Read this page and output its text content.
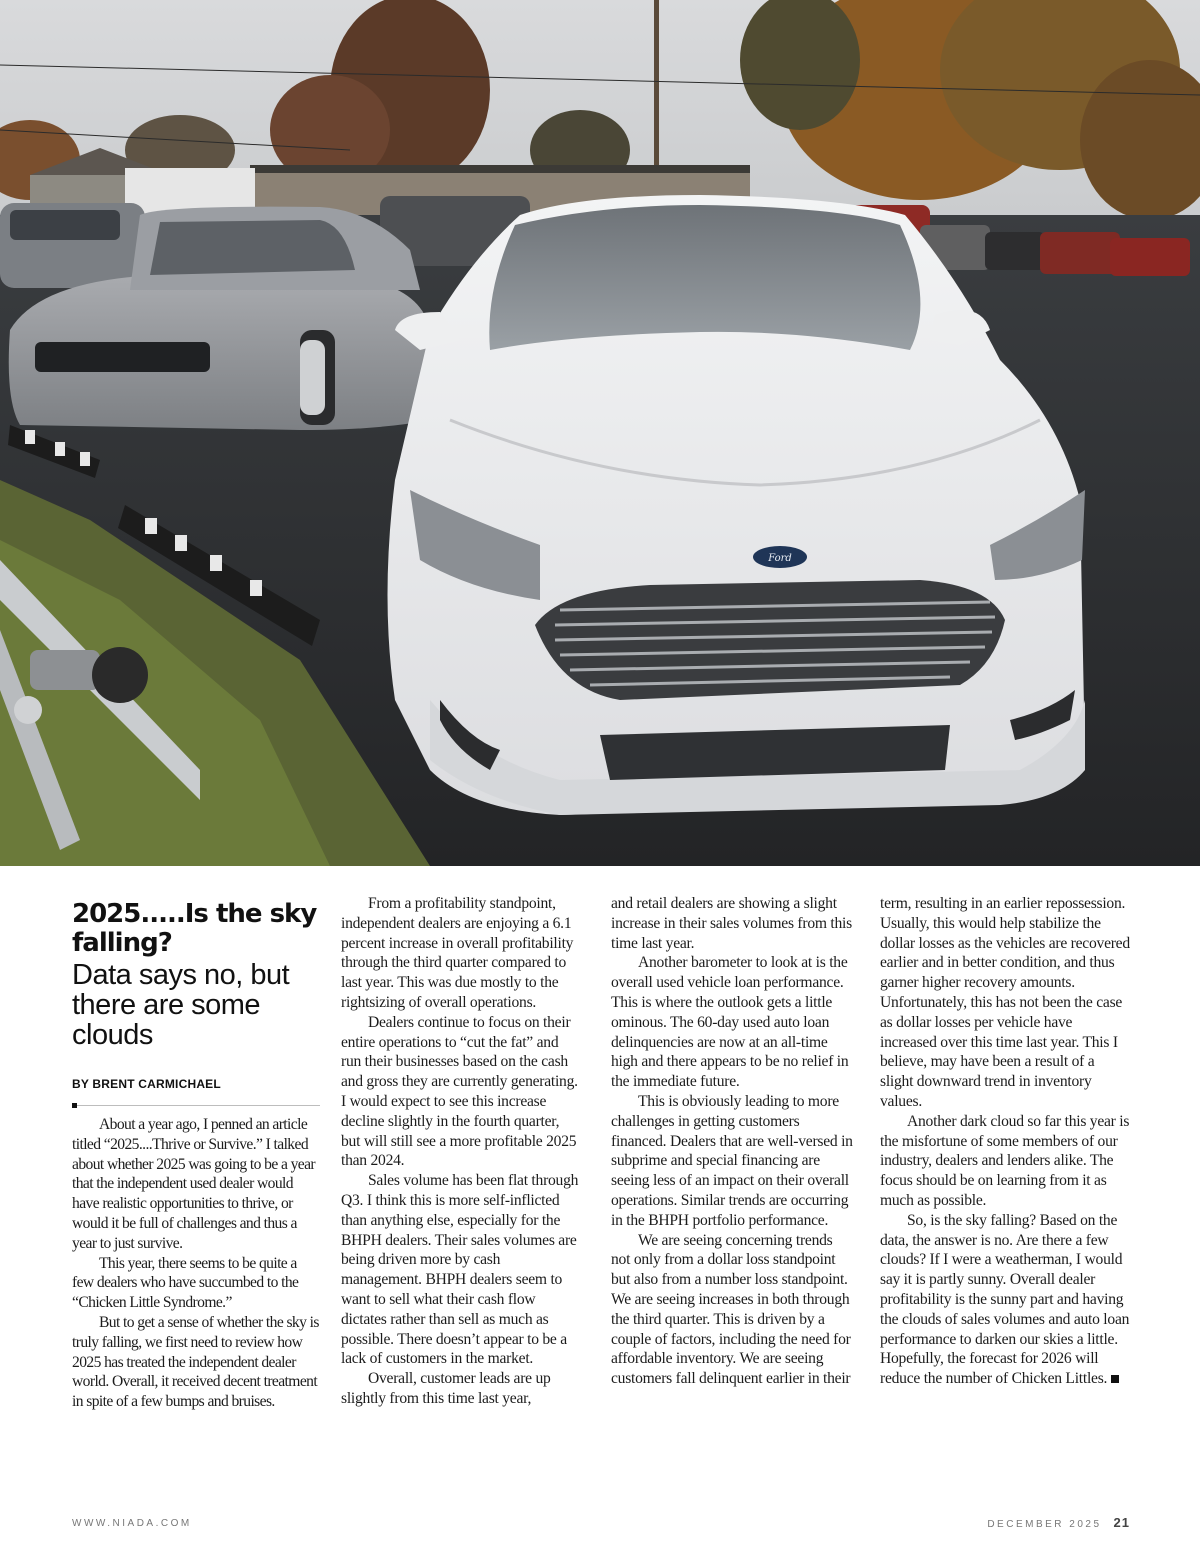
Ford
2025.....Is the sky falling?
Data says no, but there are some clouds
BY BRENT CARMICHAEL

About a year ago, I penned an article titled “2025....Thrive or Survive.” I talked about whether 2025 was going to be a year that the independent used dealer would have realistic opportunities to thrive, or would it be full of challenges and thus a year to just survive.

This year, there seems to be quite a few dealers who have succumbed to the “Chicken Little Syndrome.”

But to get a sense of whether the sky is truly falling, we first need to review how 2025 has treated the independent dealer world. Overall, it received decent treatment in spite of a few bumps and bruises.

From a profitability standpoint, independent dealers are enjoying a 6.1 percent increase in overall profitability through the third quarter compared to last year. This was due mostly to the rightsizing of overall operations.

Dealers continue to focus on their entire operations to “cut the fat” and run their businesses based on the cash and gross they are currently generating. I would expect to see this increase decline slightly in the fourth quarter, but will still see a more profitable 2025 than 2024.

Sales volume has been flat through Q3. I think this is more self-inflicted than anything else, especially for the BHPH dealers. Their sales volumes are being driven more by cash management. BHPH dealers seem to want to sell what their cash flow dictates rather than sell as much as possible. There doesn’t appear to be a lack of customers in the market.

Overall, customer leads are up slightly from this time last year,

and retail dealers are showing a slight increase in their sales volumes from this time last year.

Another barometer to look at is the overall used vehicle loan performance. This is where the outlook gets a little ominous. The 60-day used auto loan delinquencies are now at an all-time high and there appears to be no relief in the immediate future.

This is obviously leading to more challenges in getting customers financed. Dealers that are well-versed in subprime and special financing are seeing less of an impact on their overall operations. Similar trends are occurring in the BHPH portfolio performance.

We are seeing concerning trends not only from a dollar loss standpoint but also from a number loss standpoint. We are seeing increases in both through the third quarter. This is driven by a couple of factors, including the need for affordable inventory. We are seeing customers fall delinquent earlier in their

term, resulting in an earlier repossession. Usually, this would help stabilize the dollar losses as the vehicles are recovered earlier and in better condition, and thus garner higher recovery amounts. Unfortunately, this has not been the case as dollar losses per vehicle have increased over this time last year. This I believe, may have been a result of a slight downward trend in inventory values.

Another dark cloud so far this year is the misfortune of some members of our industry, dealers and lenders alike. The focus should be on learning from it as much as possible.

So, is the sky falling? Based on the data, the answer is no. Are there a few clouds? If I were a weatherman, I would say it is partly sunny. Overall dealer profitability is the sunny part and having the clouds of sales volumes and auto loan performance to darken our skies a little. Hopefully, the forecast for 2026 will reduce the number of Chicken Littles.

WWW.NIADA.COM	DECEMBER 2025 21
